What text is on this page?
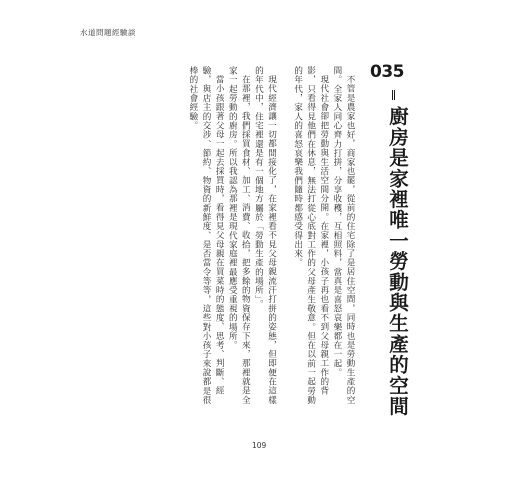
水道問題經驗談
035
廚房是家裡唯一勞動與生產的空間

不管是農家也好，商家也罷，從前的住宅除了是居住空間，同時也是勞動生產的空間。全家人同心齊力打拼，分享收穫，互相照料，當真是喜怒哀樂都在一起。

現代社會卻把勞動與生活空間分開。在家裡，小孩子再也看不到父母親工作的背影，只看得見他們在休息，無法打從心底對工作的父母產生敬意。但在以前一起勞動的年代，家人的喜怒哀樂我們隨時都感受得出來。

現代經濟讓一切都間接化了，在家裡看不見父母親流汗打拼的姿態，但即便在這樣的年代中，住宅裡還是有一個地方屬於「勞動生產的場所」。

在那裡，我們採買食材、加工、消費、收拾，把多餘的物資保存下來，那裡就是全家一起勞動的廚房。所以我認為那裡是現代家庭裡最應受重視的場所。

當小孩跟著父母一起去採買時，看得見父母親在買菜時的態度、思考、判斷、經驗，與店主的交涉、節約、物資的新鮮度、是否當令等等，這些對小孩子來說都是很棒的社會經驗。

109
